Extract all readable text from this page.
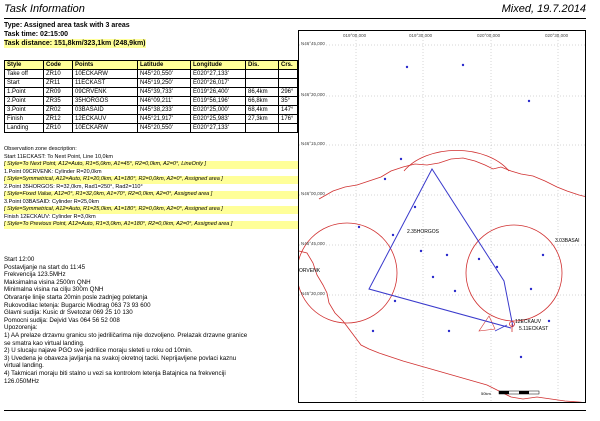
Task Information	Mixed, 19.7.2014
Type: Assigned area task with 3 areas
Task time: 02:15:00
Task distance: 151,8km/323,1km (248,9km)
Style	Code	Points	Latitude	Longitude	Dis.	Crs.
Take off	ZR10	10ECKARW	N45°20,550'	E020°27,133'		
Start	ZR11	11ECKAST	N45°19,250'	E020°26,017'		
1.Point	ZR09	09CRVENK	N45°39,733'	E019°26,400'	86,4km	296°
2.Point	ZR35	35HORGOS	N46°09,211'	E019°56,196'	66,8km	35°
3.Point	ZR02	03BASAID	N45°38,233'	E020°25,000'	68,4km	147°
Finish	ZR12	12ECKAUV	N45°21,917'	E020°25,983'	27,3km	176°
Landing	ZR10	10ECKARW	N45°20,550'	E020°27,133'		
Observation zone description:
Start 11ECKAST: To Next Point, Line 10,0km
[ Style=To Next Point, A12=Auto, R1=5,0km, A1=45°, R2=0,0km, A2=0°, LineOnly ]
1.Point 09CRVENK: Cylinder R=20,0km
[ Style=Symmetrical, A12=Auto, R1=20,0km, A1=180°, R2=0,0km, A2=0°, Assigned area ]
2.Point 35HORGOS: R=32,0km, Rad1=250°, Rad2=110°
[ Style=Fixed Value, A12=0°, R1=32,0km, A1=70°, R2=0,0km, A2=0°, Assigned area ]
3.Point 03BASAID: Cylinder R=25,0km
[ Style=Symmetrical, A12=Auto, R1=25,0km, A1=180°, R2=0,0km, A2=0°, Assigned area ]
Finish 12ECKAUV: Cylinder R=3,0km
[ Style=To Previous Point, A12=Auto, R1=3,0km, A1=180°, R2=0,0km, A2=0°, Assigned area ]
Start 12:00
Postavljanje na start do 11:45
Frekvencija 123.5MHz
Maksimalna visina 2500m QNH
Minimalna visina na cilju 300m QNH
Otvaranje linije starta 20min posle zadnjeg poletanja
Rukovodilac letenja: Bugarcic Miodrag 063 73 93 600
Glavni sudija: Kusic dr Svetozar 069 25 10 130
Pomocni sudija: Dejvid Vas 064 56 52 008
Upozorenja:
1) AA prelaze drzavnu granicu sto jedriličarima nije dozvoljeno. Prelazak drzavne granice
se smatra kao virtual landing.
2) U slucaju najave PGO sve jedrilice moraju sleteti u roku od 10min.
3) Uvedena je obaveza javljanja na svakoj okretnoj tacki. Neprijavljene povlaci kaznu
virtual landing.
4) Takmicari moraju biti stalno u vezi sa kontrolom letenja Batajnica na frekvenciji
126.050MHz
019°00,000	019°30,000	020°00,000	020°30,000
N46°45,000
N46°30,000
N46°15,000
N46°00,000
N45°45,000
N45°30,000
2.35HORGOS
3.03BASAI
ORVENK
12ECKAUV
5.11ECKAST
50km
